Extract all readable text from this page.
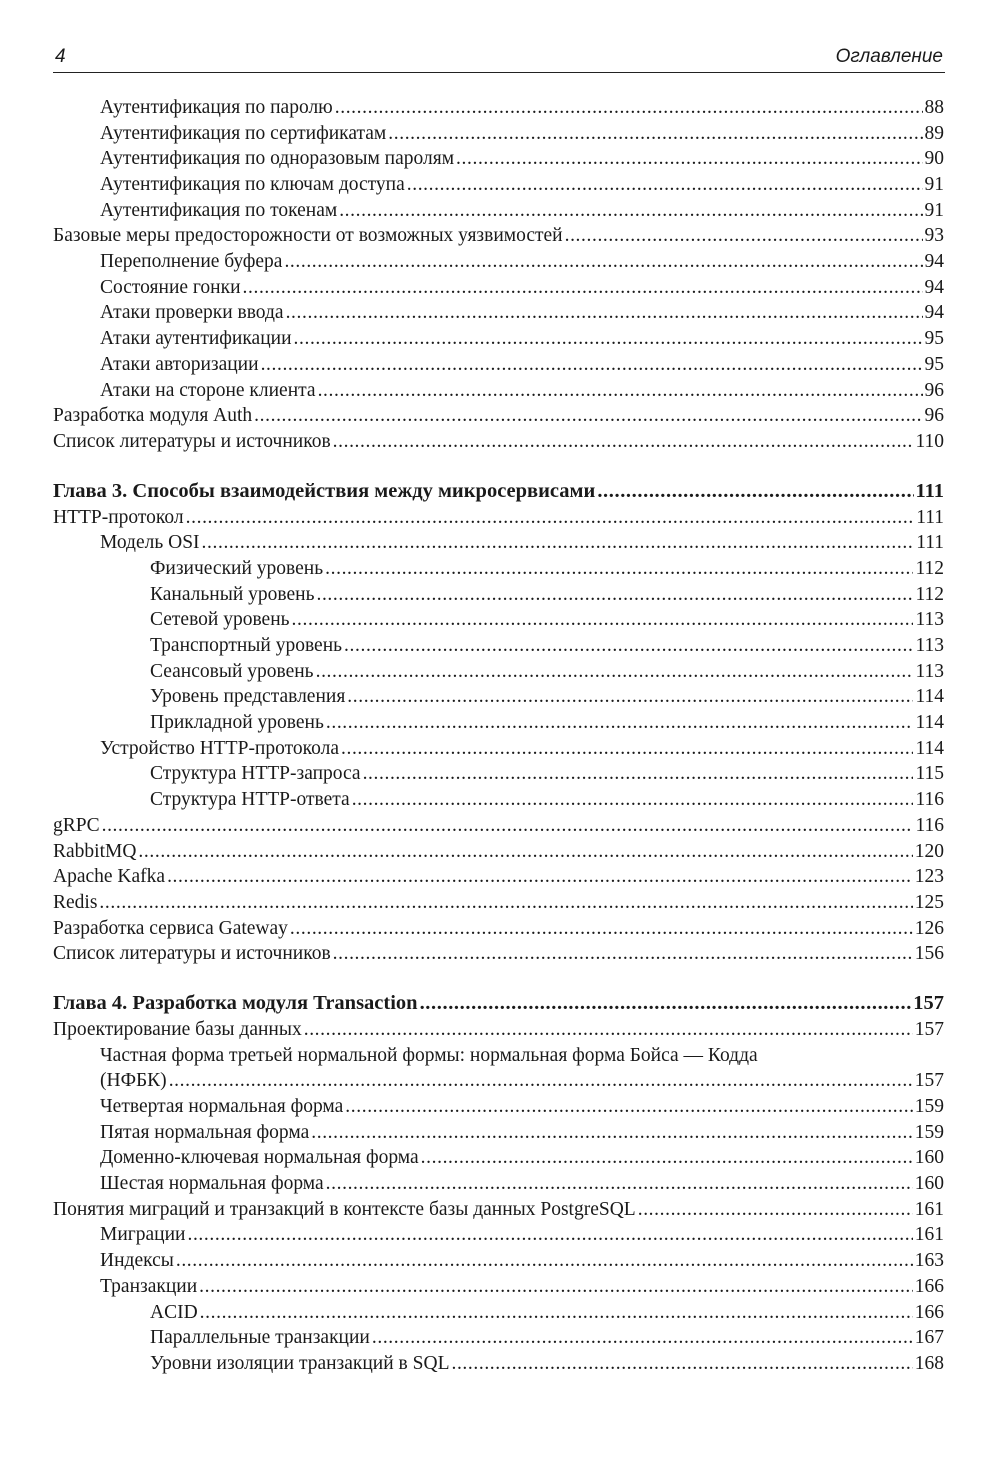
4	Оглавление
Аутентификация по паролю .....	88
Аутентификация по сертификатам .....	89
Аутентификация по одноразовым паролям .....	90
Аутентификация по ключам доступа .....	91
Аутентификация по токенам .....	91
Базовые меры предосторожности от возможных уязвимостей .....	93
Переполнение буфера .....	94
Состояние гонки .....	94
Атаки проверки ввода .....	94
Атаки аутентификации .....	95
Атаки авторизации .....	95
Атаки на стороне клиента .....	96
Разработка модуля Auth .....	96
Список литературы и источников .....	110
Глава 3. Способы взаимодействия между микросервисами .....	111
HTTP-протокол .....	111
Модель OSI .....	111
Физический уровень .....	112
Канальный уровень .....	112
Сетевой уровень .....	113
Транспортный уровень .....	113
Сеансовый уровень .....	113
Уровень представления .....	114
Прикладной уровень .....	114
Устройство HTTP-протокола .....	114
Структура HTTP-запроса .....	115
Структура HTTP-ответа .....	116
gRPC .....	116
RabbitMQ .....	120
Apache Kafka .....	123
Redis .....	125
Разработка сервиса Gateway .....	126
Список литературы и источников .....	156
Глава 4. Разработка модуля Transaction .....	157
Проектирование базы данных .....	157
Частная форма третьей нормальной формы: нормальная форма Бойса — Кодда
(НФБК) .....	157
Четвертая нормальная форма .....	159
Пятая нормальная форма .....	159
Доменно-ключевая нормальная форма .....	160
Шестая нормальная форма .....	160
Понятия миграций и транзакций в контексте базы данных PostgreSQL .....	161
Миграции .....	161
Индексы .....	163
Транзакции .....	166
ACID .....	166
Параллельные транзакции .....	167
Уровни изоляции транзакций в SQL .....	168
